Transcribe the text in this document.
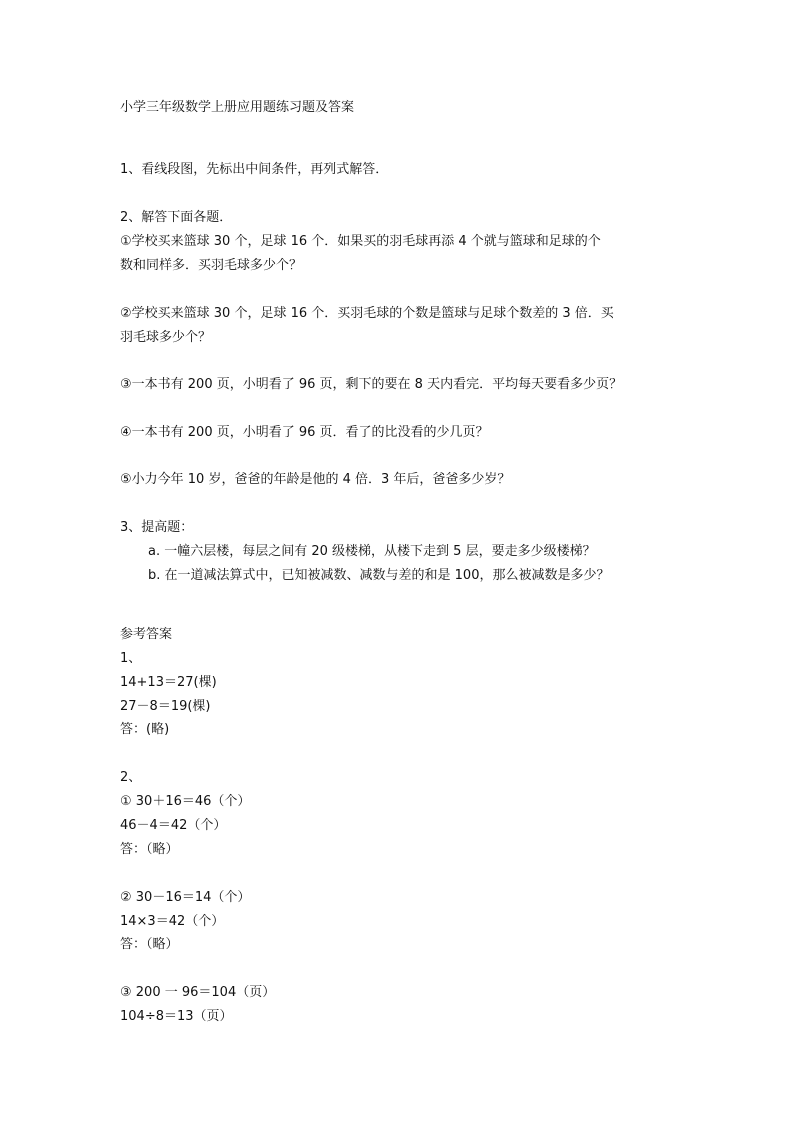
小学三年级数学上册应用题练习题及答案
1、看线段图，先标出中间条件，再列式解答．
2、解答下面各题．
①学校买来篮球 30 个，足球 16 个．如果买的羽毛球再添 4 个就与篮球和足球的个
数和同样多．买羽毛球多少个？
②学校买来篮球 30 个，足球 16 个．买羽毛球的个数是篮球与足球个数差的 3 倍．买
羽毛球多少个？
③一本书有 200 页，小明看了 96 页，剩下的要在 8 天内看完．平均每天要看多少页？
④一本书有 200 页，小明看了 96 页．看了的比没看的少几页？
⑤小力今年 10 岁，爸爸的年龄是他的 4 倍．3 年后，爸爸多少岁？
3、提高题：
a. 一幢六层楼，每层之间有 20 级楼梯，从楼下走到 5 层，要走多少级楼梯？
b. 在一道减法算式中，已知被减数、减数与差的和是 100，那么被减数是多少？
参考答案
1、
14+13＝27(棵)
27－8＝19(棵)
答：(略)
2、
① 30＋16＝46（个）
46－4＝42（个）
答：（略）
② 30－16＝14（个）
14×3＝42（个）
答：（略）
③ 200 一 96＝104（页）
104÷8＝13（页）
